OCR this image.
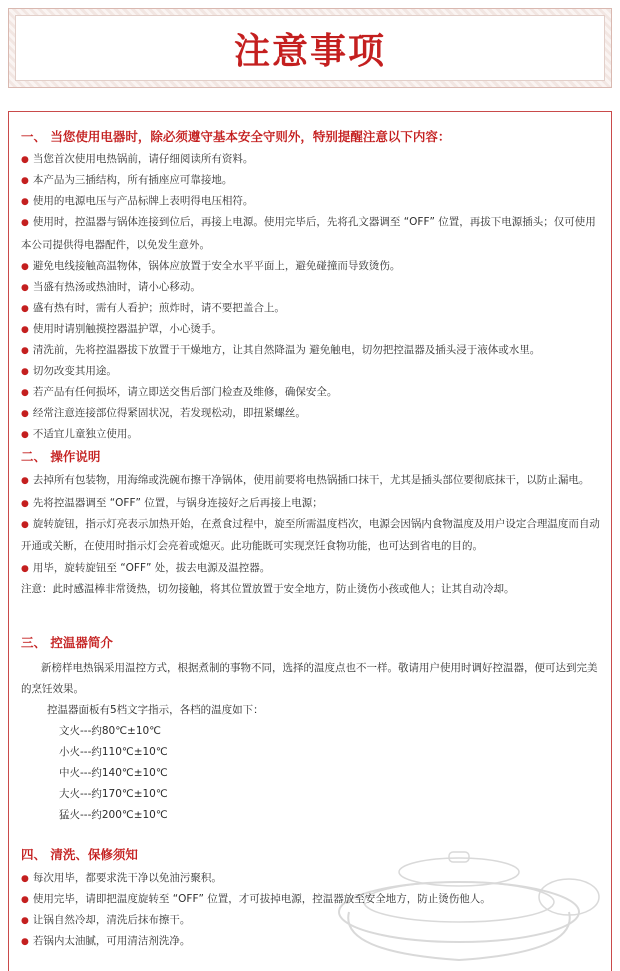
注意事项
一、 当您使用电器时，除必须遵守基本安全守则外，特别提醒注意以下内容：
● 当您首次使用电热锅前，请仔细阅读所有资料。
● 本产品为三插结构，所有插座应可靠接地。
● 使用的电源电压与产品标牌上表明得电压相符。
● 使用时，控温器与锅体连接到位后，再接上电源。使用完毕后，先将孔文器调至 “OFF” 位置，再拔下电源插头；仅可使用本公司提供得电器配件，以免发生意外。
● 避免电线接触高温物体，锅体应放置于安全水平平面上，避免碰撞而导致烫伤。
● 当盛有热汤或热油时，请小心移动。
● 盛有热有时，需有人看护；煎炸时，请不要把盖合上。
● 使用时请别触摸控器温护罩，小心烫手。
● 清洗前，先将控温器拔下放置于干燥地方，让其自然降温为 避免触电，切勿把控温器及插头浸于液体或水里。
● 切勿改变其用途。
● 若产品有任何损坏，请立即送交售后部门检查及维修，确保安全。
● 经常注意连接部位得紧固状况，若发现松动，即扭紧螺丝。
● 不适宜儿童独立使用。
二、 操作说明
● 去掉所有包装物，用海绵或洗碗布擦干净锅体，使用前要将电热锅插口抹干，尤其是插头部位要彻底抹干，以防止漏电。
● 先将控温器调至 “OFF” 位置，与锅身连接好之后再接上电源；
● 旋转旋钮，指示灯亮表示加热开始，在煮食过程中，旋至所需温度档次，电源会因锅内食物温度及用户设定合理温度而自动开通或关断，在使用时指示灯会亮着或熄灭。此功能既可实现烹饪食物功能，也可达到省电的目的。
● 用毕，旋转旋钮至 “OFF” 处，拔去电源及温控器。
注意：此时感温棒非常烫热，切勿接触，将其位置放置于安全地方，防止烫伤小孩或他人；让其自动冷却。
三、 控温器简介
新榜样电热锅采用温控方式，根据煮制的事物不同，选择的温度点也不一样。敬请用户使用时调好控温器，便可达到完美的烹饪效果。
控温器面板有5档文字指示，各档的温度如下：
文火---约80℃±10℃
小火---约110℃±10℃
中火---约140℃±10℃
大火---约170℃±10℃
猛火---约200℃±10℃
四、 清洗、保修须知
● 每次用毕，都要求洗干净以免油污聚积。
● 使用完毕，请即把温度旋转至 “OFF” 位置，才可拔掉电源，控温器放至安全地方，防止烫伤他人。
● 让锅自然冷却，清洗后抹布擦干。
● 若锅内太油腻，可用清洁剂洗净。
